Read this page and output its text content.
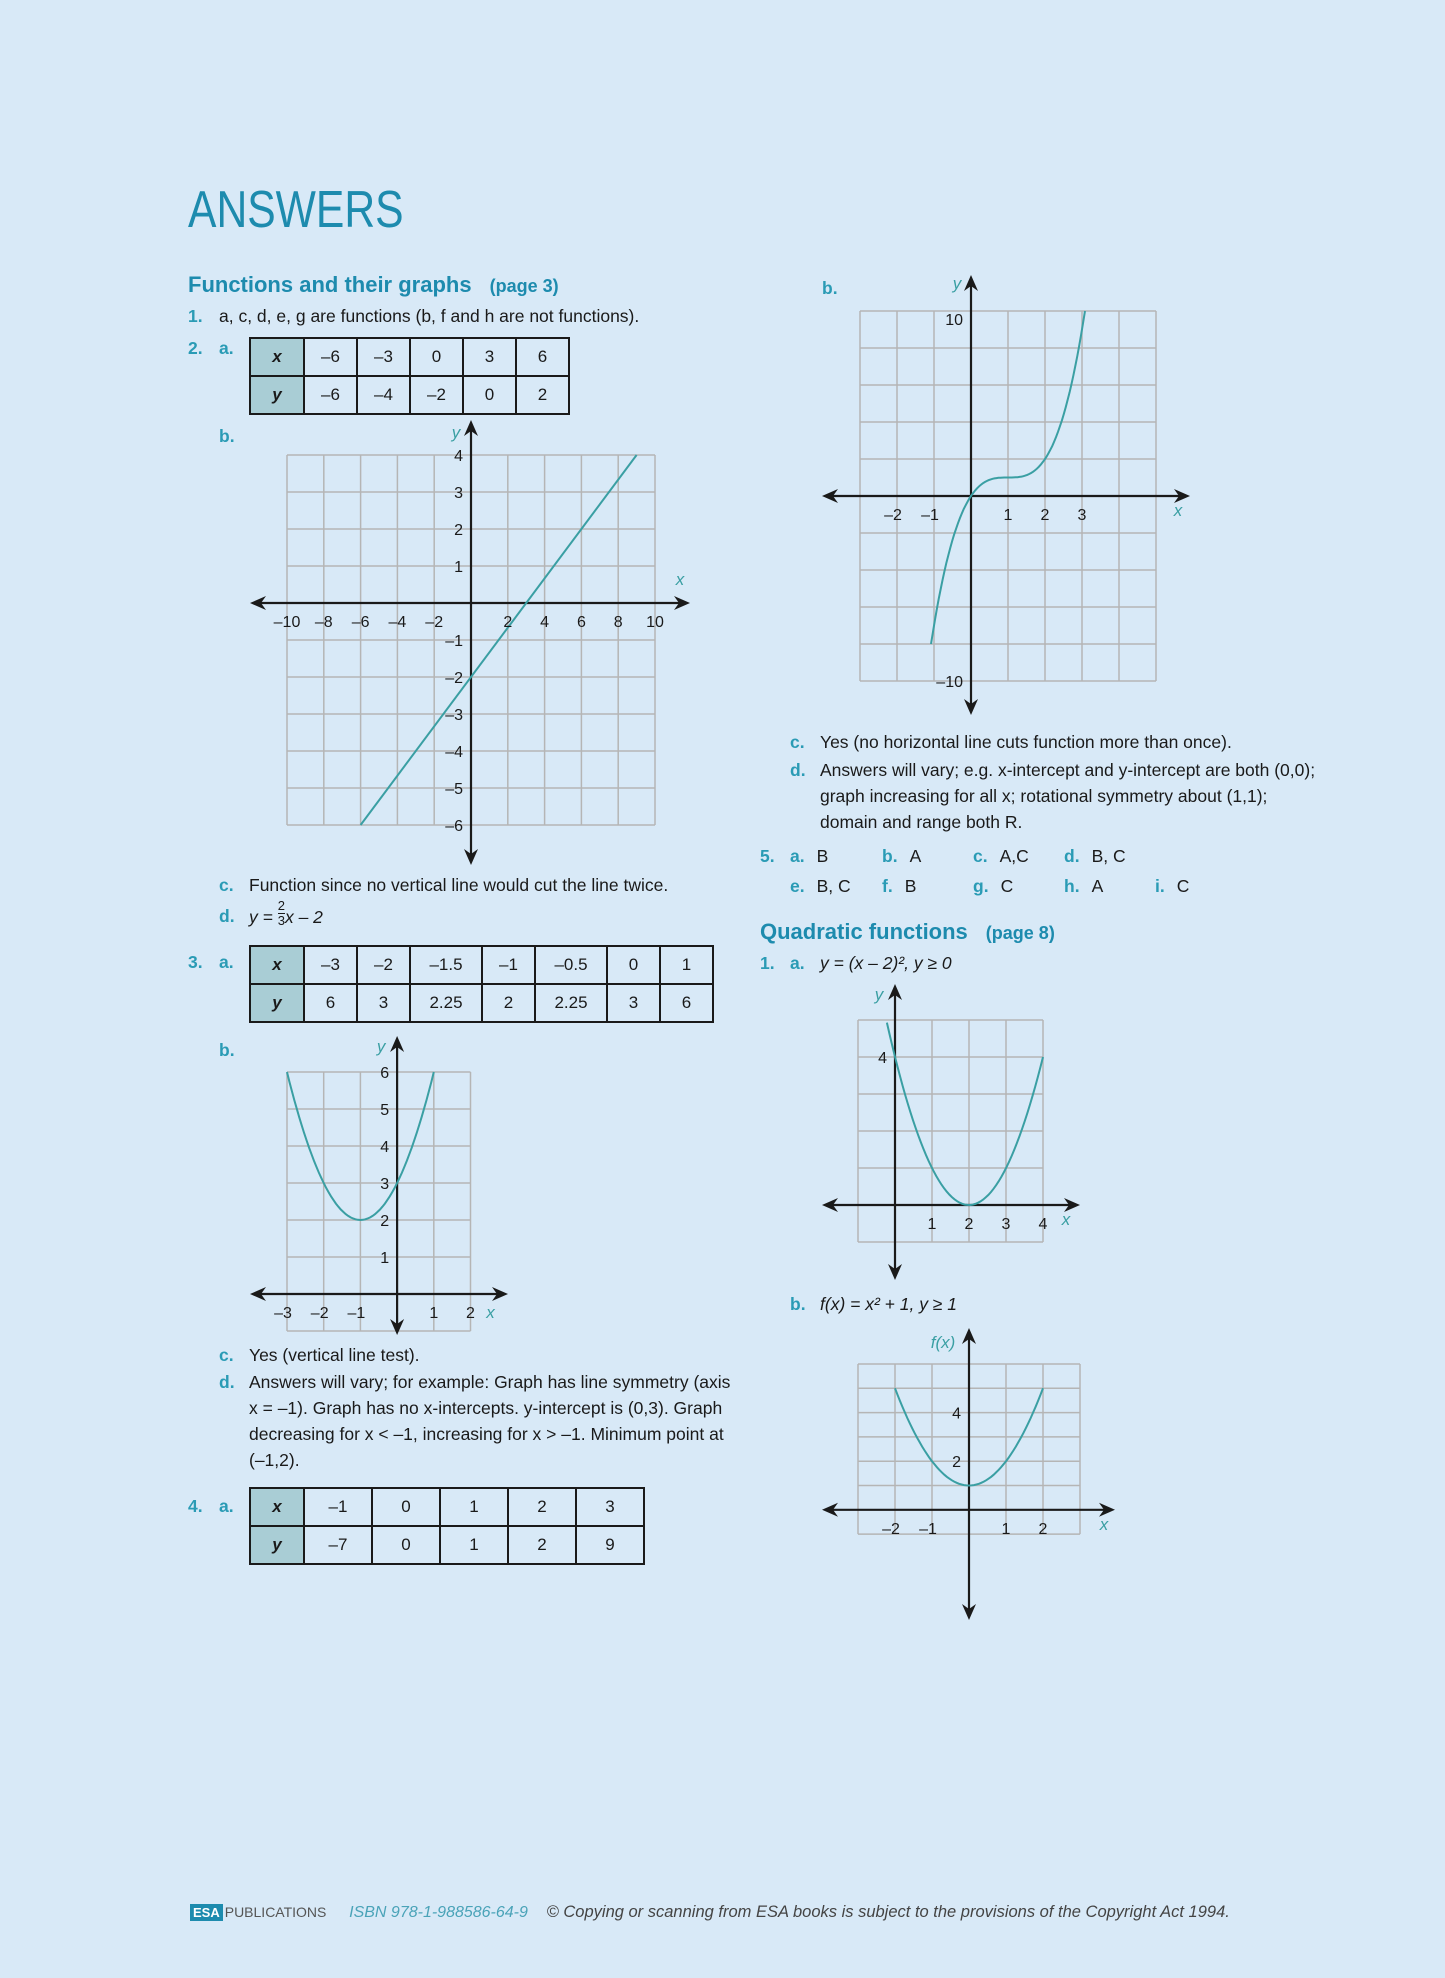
ANSWERS
Functions and their graphs (page 3)
1. a, c, d, e, g are functions (b, f and h are not functions).
2. a. x	–6	–3	0	3	6
y	–6	–4	–2	0	2
b.
–10 –8 –6 –4 –2	2 4 6 8 10
4
3
2
1
–1
–2
–3
–4
–5
–6
x
y
c. Function since no vertical line would cut the line twice.
d. $y = \frac{2}{3}$ x – 2
3. a. x	–3	–2	–1.5	–1	–0.5	0	1
y	6	3	2.25	2	2.25	3	6
b.
–3 –2 –1	1 2
6
5
4
3
2
1
x
y
c. Yes (vertical line test).
d. Answers will vary; for example: Graph has line symmetry (axis
x = –1). Graph has no x-intercepts. y-intercept is (0,3). Graph
decreasing for x < –1, increasing for x > –1. Minimum point at
(–1,2).
4. a. x	–1	0	1	2	3
y	–7	0	1	2	9
b.
–2 –1	1 2 3
10
–10
x
y
c. Yes (no horizontal line cuts function more than once).
d. Answers will vary; e.g. x-intercept and y-intercept are both (0,0);
graph increasing for all x; rotational symmetry about (1,1);
domain and range both R.
5. a. B	b. A	c. A,C d. B, C
e. B, C f. B	g. C	h. A	i. C
Quadratic functions (page 8)
1. a. y = (x – 2)², y ≥ 0
1 2 3 4
4
x
y
b. f(x) = x² + 1, y ≥ 1
–2 –1	1 2
4
2
x
f(x)
ESA PUBLICATIONS ISBN 978-1-988586-64-9 © Copying or scanning from ESA books is subject to the provisions of the Copyright Act 1994.
